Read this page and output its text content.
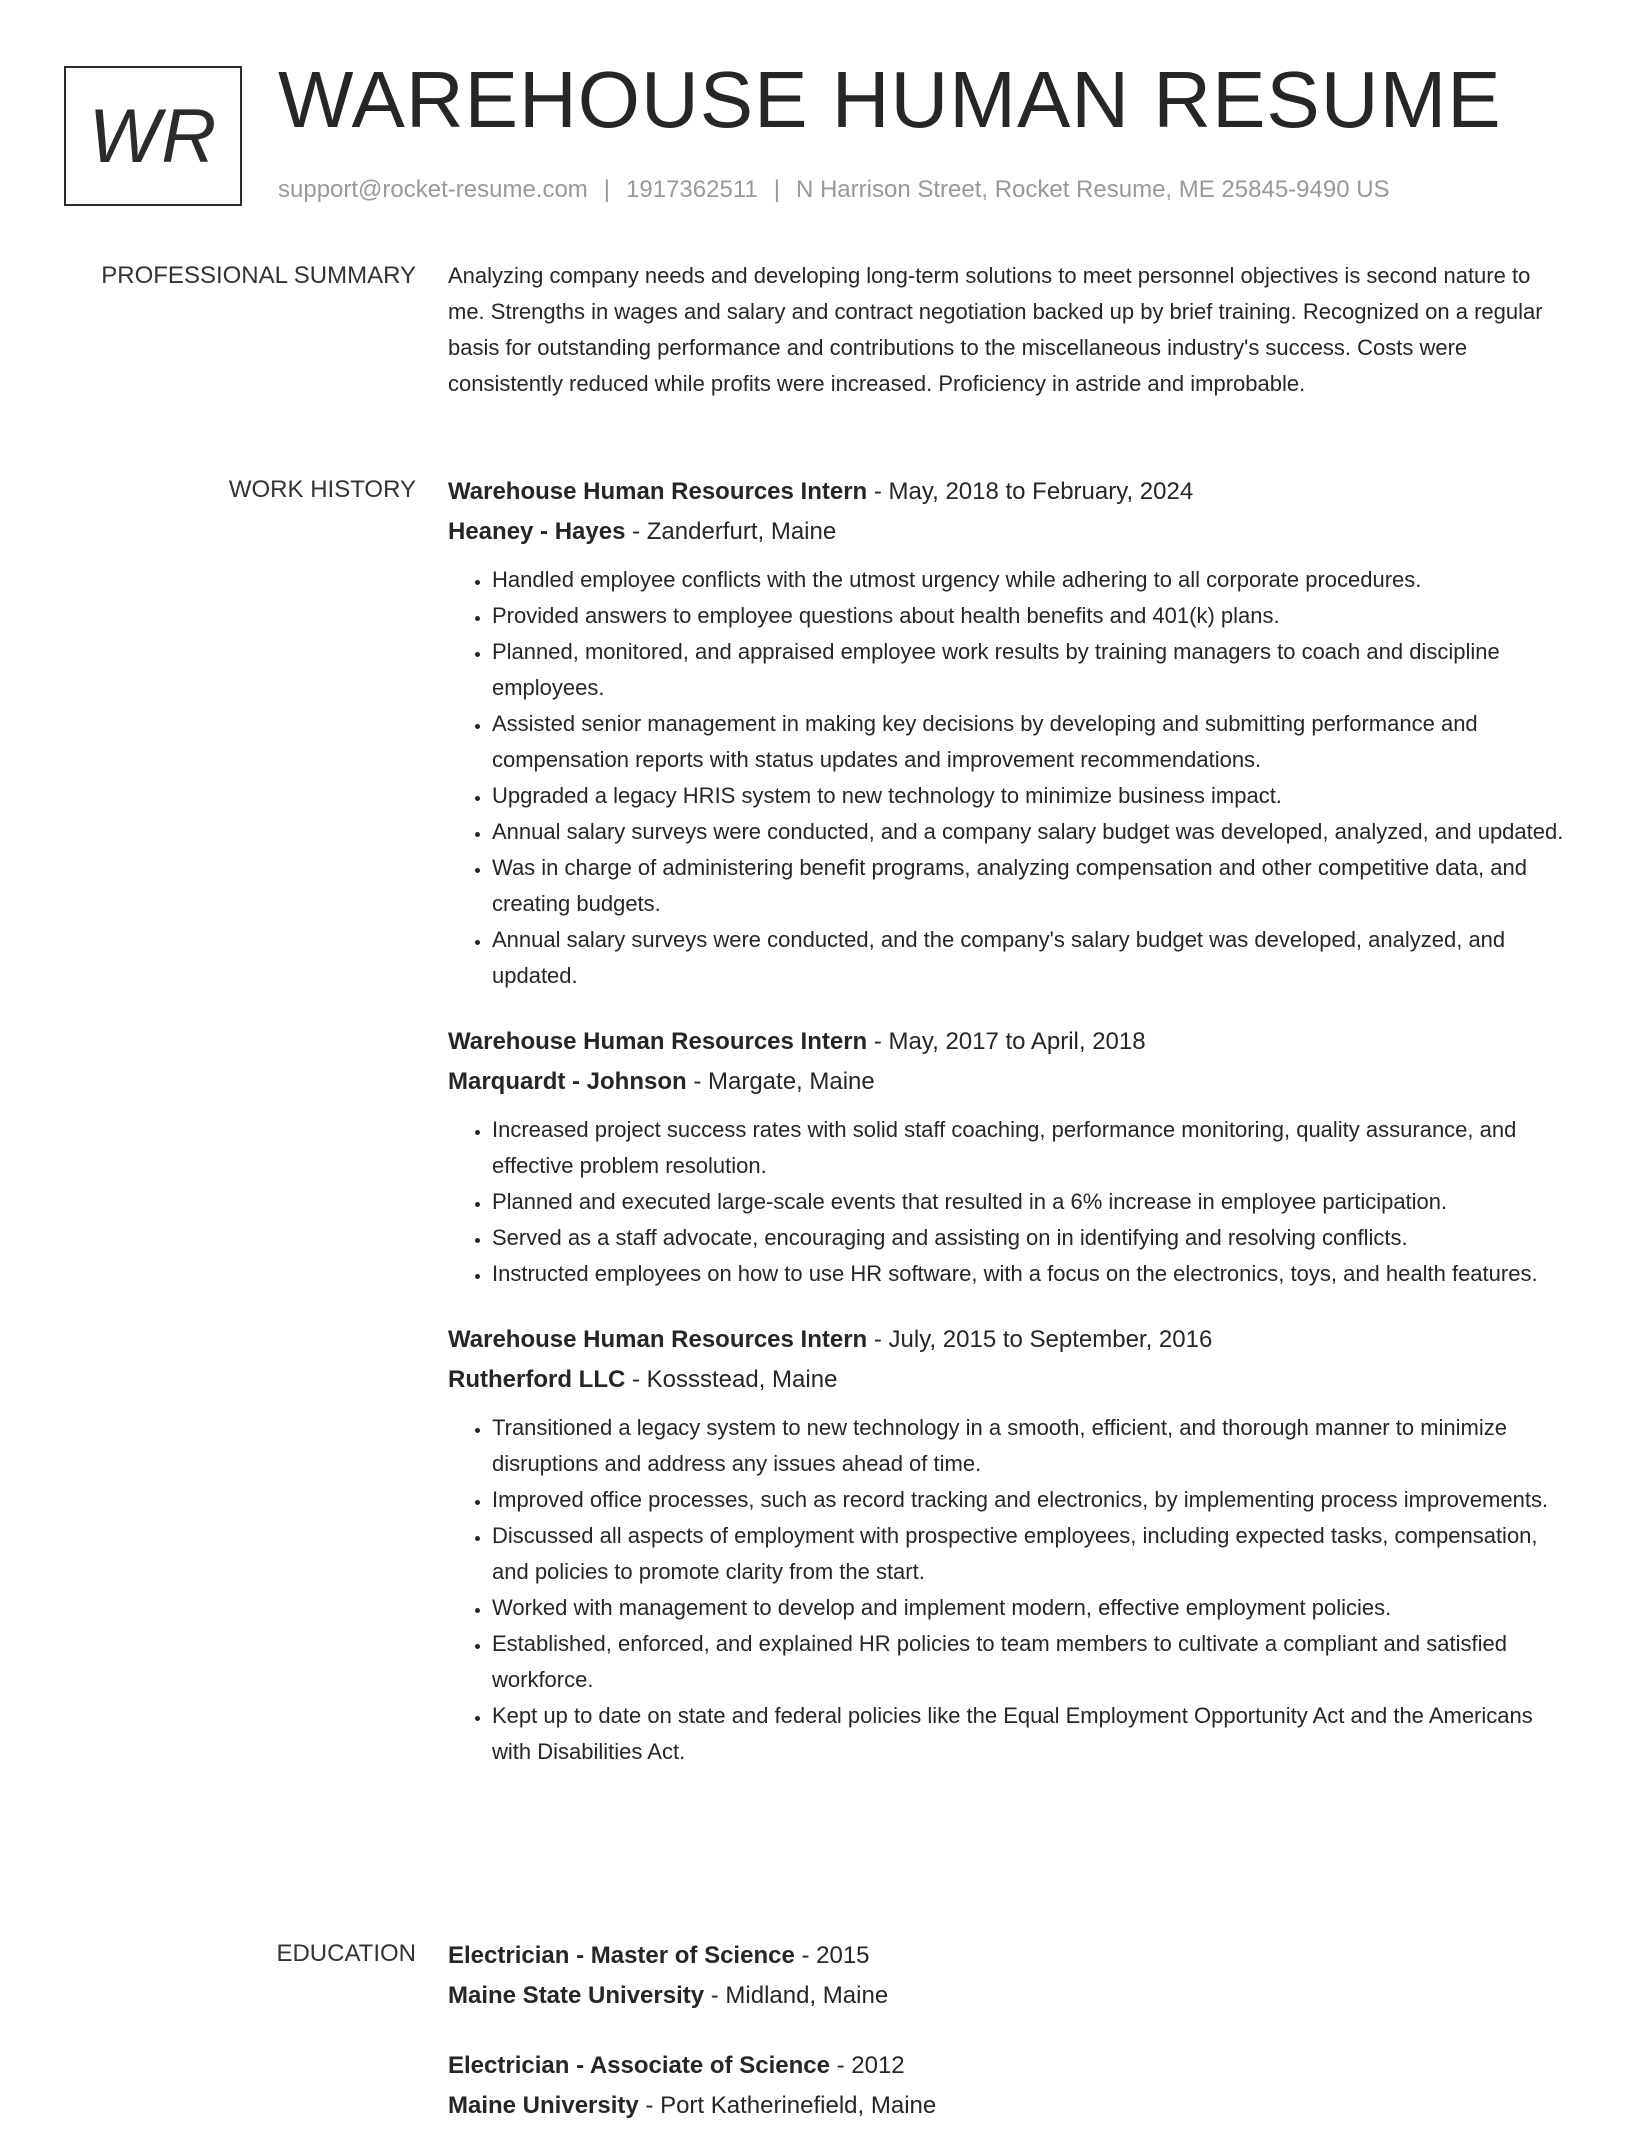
WR WAREHOUSE HUMAN RESUME
support@rocket-resume.com | 1917362511 | N Harrison Street, Rocket Resume, ME 25845-9490 US
PROFESSIONAL SUMMARY Analyzing company needs and developing long-term solutions to meet personnel objectives is second nature to me. Strengths in wages and salary and contract negotiation backed up by brief training. Recognized on a regular basis for outstanding performance and contributions to the miscellaneous industry's success. Costs were consistently reduced while profits were increased. Proficiency in astride and improbable.

WORK HISTORY Warehouse Human Resources Intern - May, 2018 to February, 2024
Heaney - Hayes - Zanderfurt, Maine
• Handled employee conflicts with the utmost urgency while adhering to all corporate procedures.
• Provided answers to employee questions about health benefits and 401(k) plans.
• Planned, monitored, and appraised employee work results by training managers to coach and discipline employees.
• Assisted senior management in making key decisions by developing and submitting performance and compensation reports with status updates and improvement recommendations.
• Upgraded a legacy HRIS system to new technology to minimize business impact.
• Annual salary surveys were conducted, and a company salary budget was developed, analyzed, and updated.
• Was in charge of administering benefit programs, analyzing compensation and other competitive data, and creating budgets.
• Annual salary surveys were conducted, and the company's salary budget was developed, analyzed, and updated.
Warehouse Human Resources Intern - May, 2017 to April, 2018
Marquardt - Johnson - Margate, Maine
• Increased project success rates with solid staff coaching, performance monitoring, quality assurance, and effective problem resolution.
• Planned and executed large-scale events that resulted in a 6% increase in employee participation.
• Served as a staff advocate, encouraging and assisting on in identifying and resolving conflicts.
• Instructed employees on how to use HR software, with a focus on the electronics, toys, and health features.
Warehouse Human Resources Intern - July, 2015 to September, 2016
Rutherford LLC - Kossstead, Maine
• Transitioned a legacy system to new technology in a smooth, efficient, and thorough manner to minimize disruptions and address any issues ahead of time.
• Improved office processes, such as record tracking and electronics, by implementing process improvements.
• Discussed all aspects of employment with prospective employees, including expected tasks, compensation, and policies to promote clarity from the start.
• Worked with management to develop and implement modern, effective employment policies.
• Established, enforced, and explained HR policies to team members to cultivate a compliant and satisfied workforce.
• Kept up to date on state and federal policies like the Equal Employment Opportunity Act and the Americans with Disabilities Act.
EDUCATION Electrician - Master of Science - 2015
Maine State University - Midland, Maine
Electrician - Associate of Science - 2012
Maine University - Port Katherinefield, Maine
